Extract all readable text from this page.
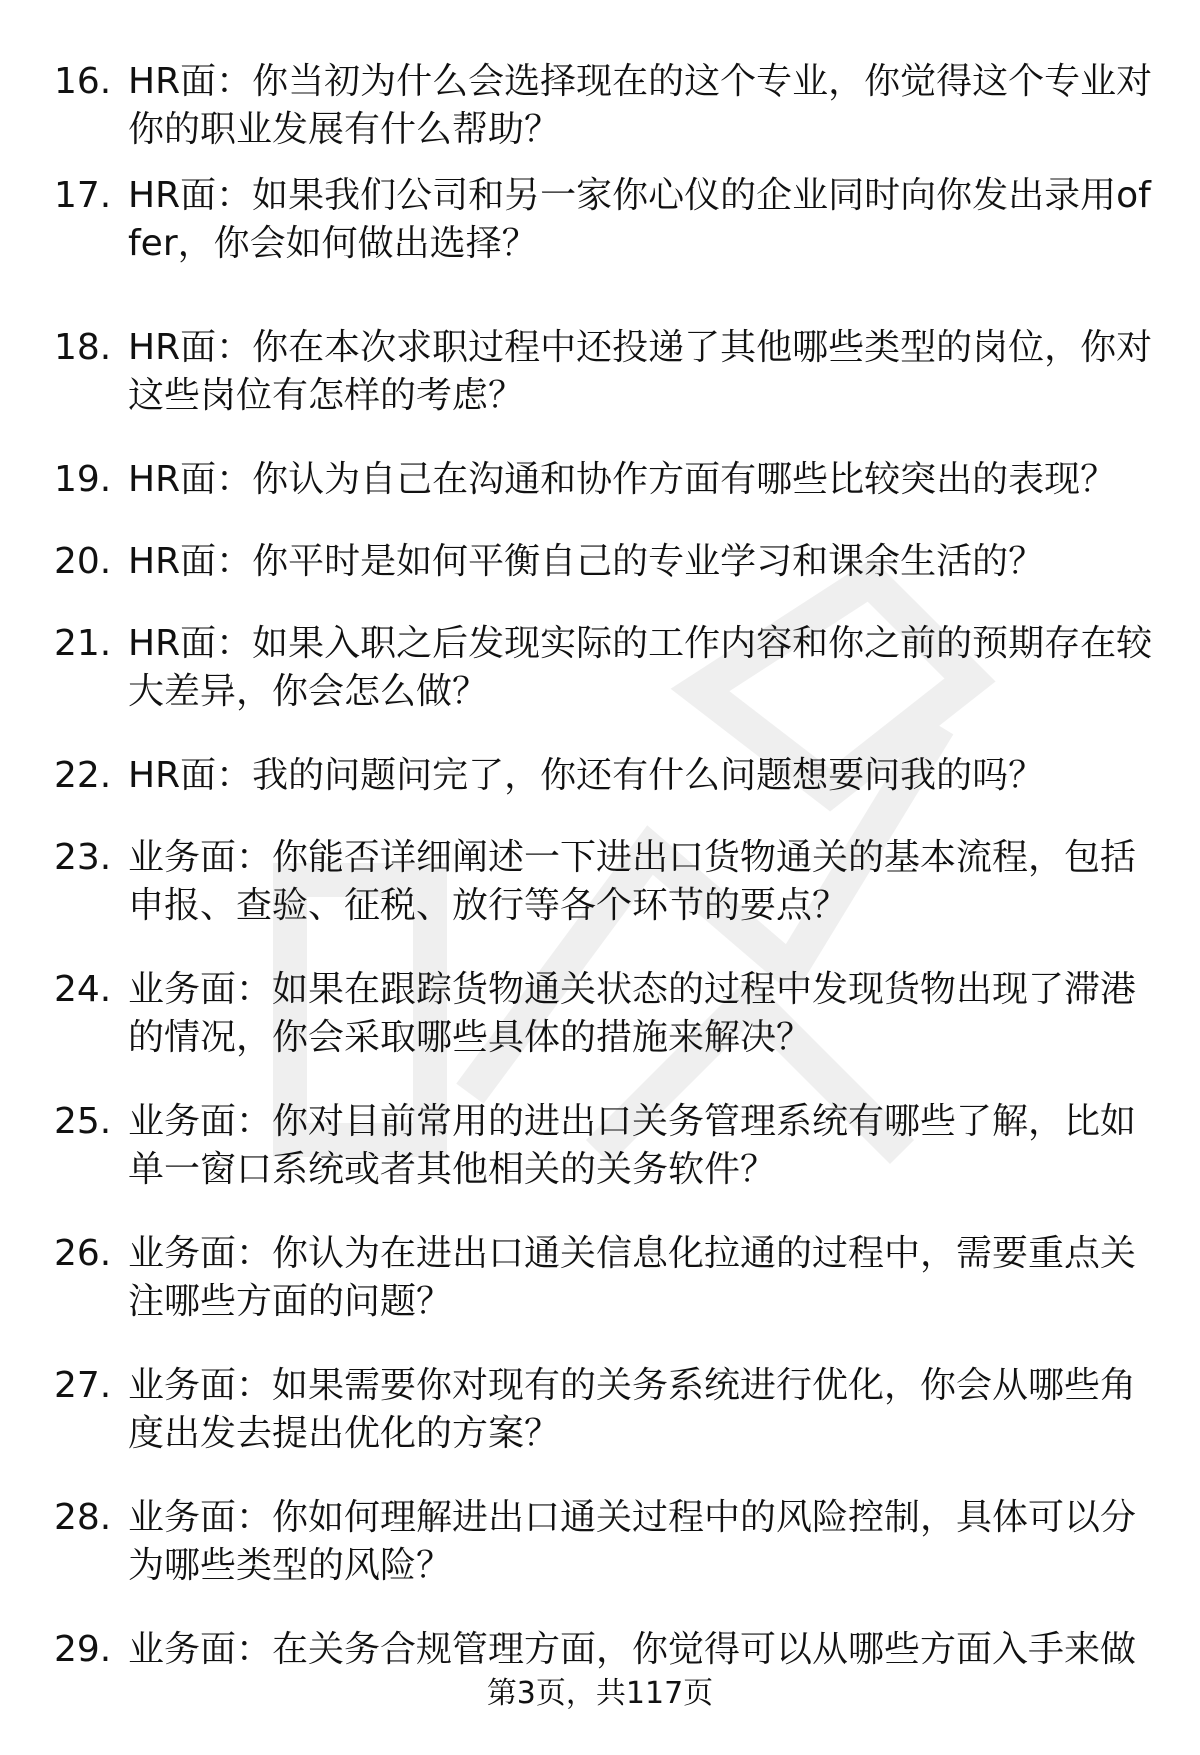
16. HR面：你当初为什么会选择现在的这个专业，你觉得这个专业对你的职业发展有什么帮助？
17. HR面：如果我们公司和另一家你心仪的企业同时向你发出录用offer，你会如何做出选择？
18. HR面：你在本次求职过程中还投递了其他哪些类型的岗位，你对这些岗位有怎样的考虑？
19. HR面：你认为自己在沟通和协作方面有哪些比较突出的表现？
20. HR面：你平时是如何平衡自己的专业学习和课余生活的？
21. HR面：如果入职之后发现实际的工作内容和你之前的预期存在较大差异，你会怎么做？
22. HR面：我的问题问完了，你还有什么问题想要问我的吗？
23. 业务面：你能否详细阐述一下进出口货物通关的基本流程，包括申报、查验、征税、放行等各个环节的要点？
24. 业务面：如果在跟踪货物通关状态的过程中发现货物出现了滞港的情况，你会采取哪些具体的措施来解决？
25. 业务面：你对目前常用的进出口关务管理系统有哪些了解，比如单一窗口系统或者其他相关的关务软件？
26. 业务面：你认为在进出口通关信息化拉通的过程中，需要重点关注哪些方面的问题？
27. 业务面：如果需要你对现有的关务系统进行优化，你会从哪些角度出发去提出优化的方案？
28. 业务面：你如何理解进出口通关过程中的风险控制，具体可以分为哪些类型的风险？
29. 业务面：在关务合规管理方面，你觉得可以从哪些方面入手来做
第3页，共117页
